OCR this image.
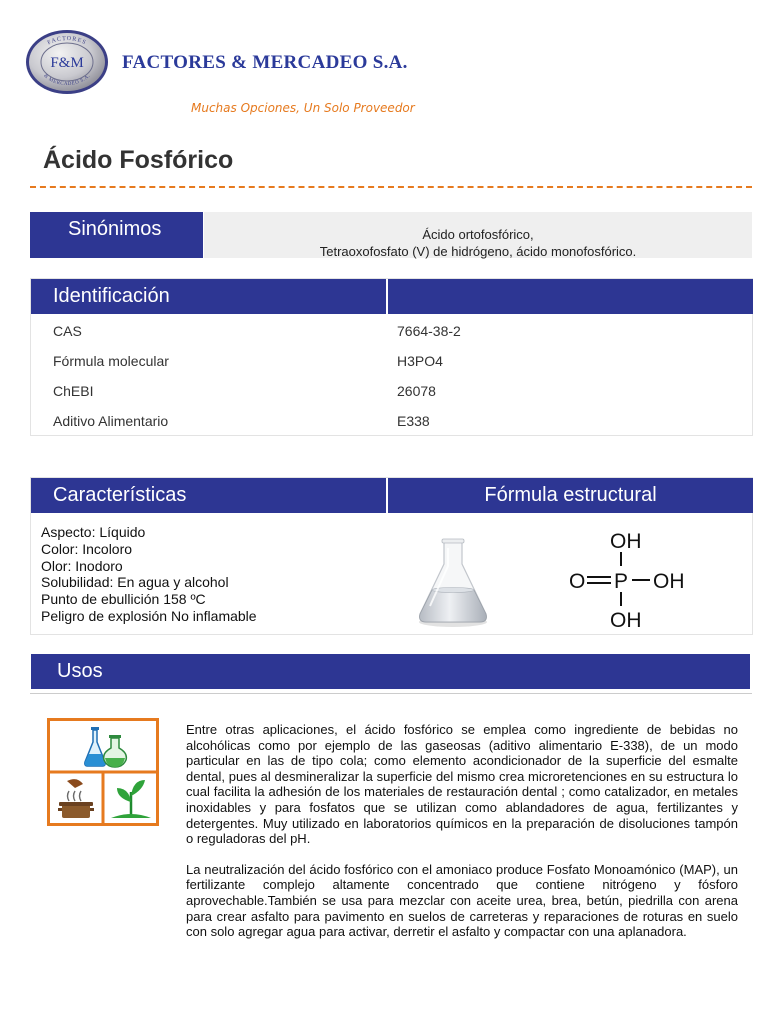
FACTORES
& MERCADEO S.A.
F&M FACTORES & MERCADEO S.A.
Muchas Opciones, Un Solo Proveedor
Ácido Fosfórico
Sinónimos	Ácido ortofosfórico,
Tetraoxofosfato (V) de hidrógeno, ácido monofosfórico.
Identificación
CAS	7664-38-2
Fórmula molecular	H3PO4
ChEBI	26078
Aditivo Alimentario	E338
Características	Fórmula estructural
Aspecto: Líquido
Color: Incoloro
Olor: Inodoro
Solubilidad: En agua y alcohol
Punto de ebullición 158 ºC
Peligro de explosión No inflamable
OH
O P OH
OH
Usos

Entre otras aplicaciones, el ácido fosfórico se emplea como ingrediente de bebidas no alcohólicas como por ejemplo de las gaseosas (aditivo alimentario E-338), de un modo particular en las de tipo cola; como elemento acondicionador de la superficie del esmalte dental, pues al desmineralizar la superficie del mismo crea microretenciones en su estructura lo cual facilita la adhesión de los materiales de restauración dental ; como catalizador, en metales inoxidables y para fosfatos que se utilizan como ablandadores de agua, fertilizantes y detergentes. Muy utilizado en laboratorios químicos en la preparación de disoluciones tampón o reguladoras del pH.

La neutralización del ácido fosfórico con el amoniaco produce Fosfato Monoamónico (MAP), un fertilizante complejo altamente concentrado que contiene nitrógeno y fósforo aprovechable.También se usa para mezclar con aceite urea, brea, betún, piedrilla con arena para crear asfalto para pavimento en suelos de carreteras y reparaciones de roturas en suelo con solo agregar agua para activar, derretir el asfalto y compactar con una aplanadora.
